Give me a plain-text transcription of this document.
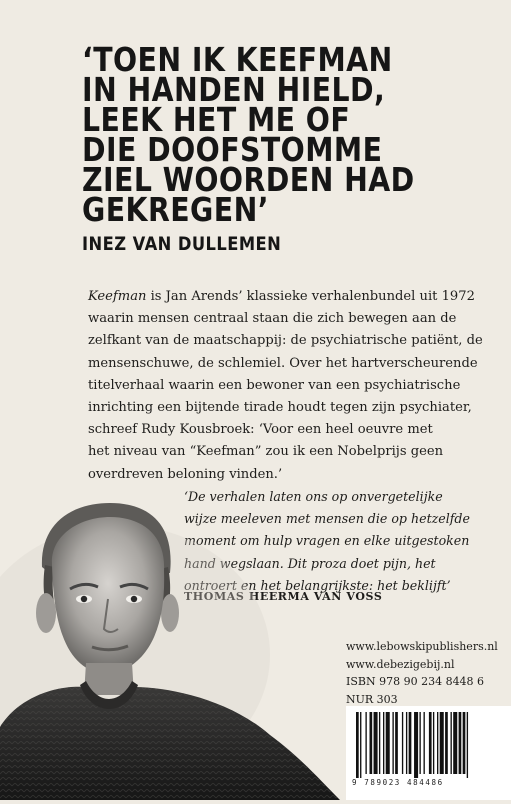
‘TOEN IK KEEFMAN
IN HANDEN HIELD,
LEEK HET ME OF
DIE DOOFSTOMME
ZIEL WOORDEN HAD
GEKREGEN’
INEZ VAN DULLEMEN
Keefman is Jan Arends’ klassieke verhalenbundel uit 1972
waarin mensen centraal staan die zich bewegen aan de
zelfkant van de maatschappij: de psychiatrische patiënt, de
mensenschuwe, de schlemiel. Over het hartverscheurende
titelverhaal waarin een bewoner van een psychiatrische
inrichting een bijtende tirade houdt tegen zijn psychiater,
schreef Rudy Kousbroek: ‘Voor een heel oeuvre met
het niveau van “Keefman” zou ik een Nobelprijs geen
overdreven beloning vinden.’
‘De verhalen laten ons op onvergetelijke
wijze meeleven met mensen die op hetzelfde
moment om hulp vragen en elke uitgestoken
hand wegslaan. Dit proza doet pijn, het
ontroert en het belangrijkste: het beklijft’
THOMAS HEERMA VAN VOSS
www.lebowskipublishers.nl
www.debezigebij.nl
ISBN 978 90 234 8448 6
NUR 303
9 789023 484486
